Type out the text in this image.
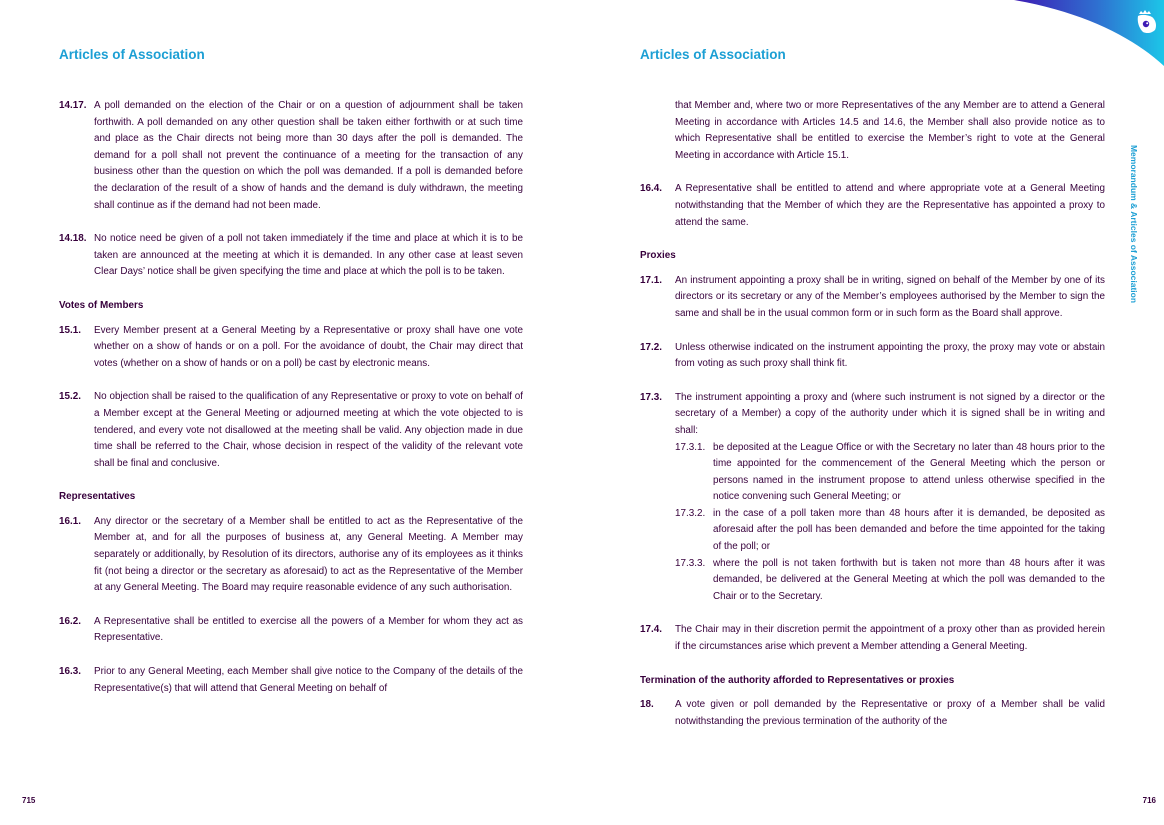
Articles of Association
14.17. A poll demanded on the election of the Chair or on a question of adjournment shall be taken forthwith. A poll demanded on any other question shall be taken either forthwith or at such time and place as the Chair directs not being more than 30 days after the poll is demanded. The demand for a poll shall not prevent the continuance of a meeting for the transaction of any business other than the question on which the poll was demanded. If a poll is demanded before the declaration of the result of a show of hands and the demand is duly withdrawn, the meeting shall continue as if the demand had not been made.
14.18. No notice need be given of a poll not taken immediately if the time and place at which it is to be taken are announced at the meeting at which it is demanded. In any other case at least seven Clear Days’ notice shall be given specifying the time and place at which the poll is to be taken.
Votes of Members
15.1.	Every Member present at a General Meeting by a Representative or proxy shall have one vote whether on a show of hands or on a poll. For the avoidance of doubt, the Chair may direct that votes (whether on a show of hands or on a poll) be cast by electronic means.
15.2.	No objection shall be raised to the qualification of any Representative or proxy to vote on behalf of a Member except at the General Meeting or adjourned meeting at which the vote objected to is tendered, and every vote not disallowed at the meeting shall be valid. Any objection made in due time shall be referred to the Chair, whose decision in respect of the validity of the relevant vote shall be final and conclusive.
Representatives
16.1.	Any director or the secretary of a Member shall be entitled to act as the Representative of the Member at, and for all the purposes of business at, any General Meeting. A Member may separately or additionally, by Resolution of its directors, authorise any of its employees as it thinks fit (not being a director or the secretary as aforesaid) to act as the Representative of the Member at any General Meeting. The Board may require reasonable evidence of any such authorisation.
16.2.	A Representative shall be entitled to exercise all the powers of a Member for whom they act as Representative.
16.3.	Prior to any General Meeting, each Member shall give notice to the Company of the details of the Representative(s) that will attend that General Meeting on behalf of
715
Articles of Association
that Member and, where two or more Representatives of the any Member are to attend a General Meeting in accordance with Articles 14.5 and 14.6, the Member shall also provide notice as to which Representative shall be entitled to exercise the Member’s right to vote at the General Meeting in accordance with Article 15.1.
16.4.	A Representative shall be entitled to attend and where appropriate vote at a General Meeting notwithstanding that the Member of which they are the Representative has appointed a proxy to attend the same.
Proxies
17.1.	An instrument appointing a proxy shall be in writing, signed on behalf of the Member by one of its directors or its secretary or any of the Member’s employees authorised by the Member to sign the same and shall be in the usual common form or in such form as the Board shall approve.
17.2.	Unless otherwise indicated on the instrument appointing the proxy, the proxy may vote or abstain from voting as such proxy shall think fit.
17.3.	The instrument appointing a proxy and (where such instrument is not signed by a director or the secretary of a Member) a copy of the authority under which it is signed shall be in writing and shall:
17.3.1. be deposited at the League Office or with the Secretary no later than 48 hours prior to the time appointed for the commencement of the General Meeting which the person or persons named in the instrument propose to attend unless otherwise specified in the notice convening such General Meeting; or
17.3.2. in the case of a poll taken more than 48 hours after it is demanded, be deposited as aforesaid after the poll has been demanded and before the time appointed for the taking of the poll; or
17.3.3. where the poll is not taken forthwith but is taken not more than 48 hours after it was demanded, be delivered at the General Meeting at which the poll was demanded to the Chair or to the Secretary.
17.4.	The Chair may in their discretion permit the appointment of a proxy other than as provided herein if the circumstances arise which prevent a Member attending a General Meeting.
Termination of the authority afforded to Representatives or proxies
18.	A vote given or poll demanded by the Representative or proxy of a Member shall be valid notwithstanding the previous termination of the authority of the
716
Memorandum & Articles of Association
